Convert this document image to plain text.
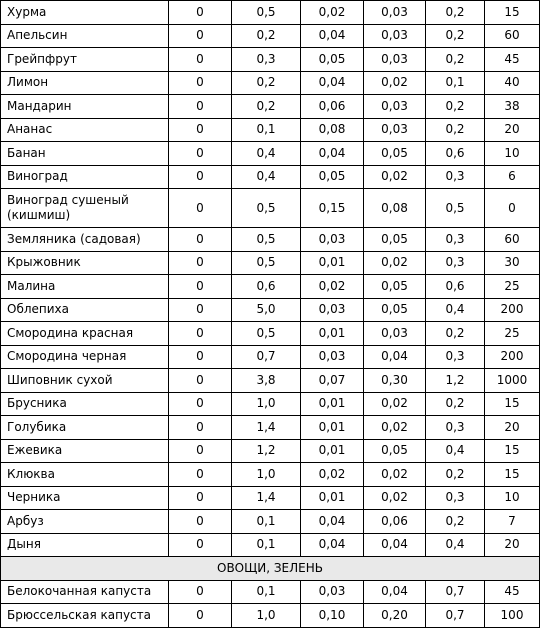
Хурма	0	0,5	0,02	0,03	0,2	15
Апельсин	0	0,2	0,04	0,03	0,2	60
Грейпфрут	0	0,3	0,05	0,03	0,2	45
Лимон	0	0,2	0,04	0,02	0,1	40
Мандарин	0	0,2	0,06	0,03	0,2	38
Ананас	0	0,1	0,08	0,03	0,2	20
Банан	0	0,4	0,04	0,05	0,6	10
Виноград	0	0,4	0,05	0,02	0,3	6
Виноград сушеный (кишмиш)	0	0,5	0,15	0,08	0,5	0
Земляника (садовая)	0	0,5	0,03	0,05	0,3	60
Крыжовник	0	0,5	0,01	0,02	0,3	30
Малина	0	0,6	0,02	0,05	0,6	25
Облепиха	0	5,0	0,03	0,05	0,4	200
Смородина красная	0	0,5	0,01	0,03	0,2	25
Смородина черная	0	0,7	0,03	0,04	0,3	200
Шиповник сухой	0	3,8	0,07	0,30	1,2	1000
Брусника	0	1,0	0,01	0,02	0,2	15
Голубика	0	1,4	0,01	0,02	0,3	20
Ежевика	0	1,2	0,01	0,05	0,4	15
Клюква	0	1,0	0,02	0,02	0,2	15
Черника	0	1,4	0,01	0,02	0,3	10
Арбуз	0	0,1	0,04	0,06	0,2	7
Дыня	0	0,1	0,04	0,04	0,4	20
ОВОЩИ, ЗЕЛЕНЬ						
Белокочанная капуста	0	0,1	0,03	0,04	0,7	45
Брюссельская капуста	0	1,0	0,10	0,20	0,7	100
